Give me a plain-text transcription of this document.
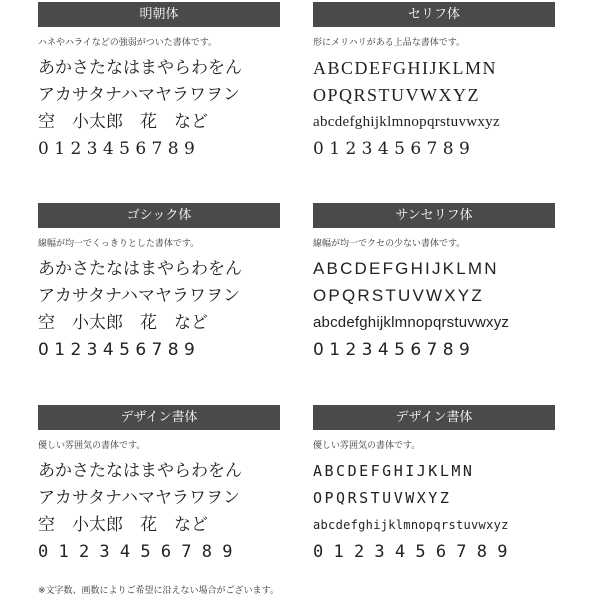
明朝体
ハネやハライなどの強弱がついた書体です。
あかさたなはまやらわをん
アカサタナハマヤラワヲン
空　小太郎　花　など
0 1 2 3 4 5 6 7 8 9
セリフ体
形にメリハリがある上品な書体です。
ABCDEFGHIJKLMN
OPQRSTUVWXYZ
abcdefghijklmnopqrstuvwxyz
0 1 2 3 4 5 6 7 8 9
ゴシック体
線幅が均一でくっきりとした書体です。
あかさたなはまやらわをん
アカサタナハマヤラワヲン
空　小太郎　花　など
0 1 2 3 4 5 6 7 8 9
サンセリフ体
線幅が均一でクセの少ない書体です。
ABCDEFGHIJKLMN
OPQRSTUVWXYZ
abcdefghijklmnopqrstuvwxyz
0 1 2 3 4 5 6 7 8 9
デザイン書体
優しい雰囲気の書体です。
あかさたなはまやらわをん
アカサタナハマヤラワヲン
空　小太郎　花　など
0 1 2 3 4 5 6 7 8 9
デザイン書体
優しい雰囲気の書体です。
ABCDEFGHIJKLMN
OPQRSTUVWXYZ
abcdefghijklmnopqrstuvwxyz
0 1 2 3 4 5 6 7 8 9
※文字数、画数によりご希望に沿えない場合がございます。
